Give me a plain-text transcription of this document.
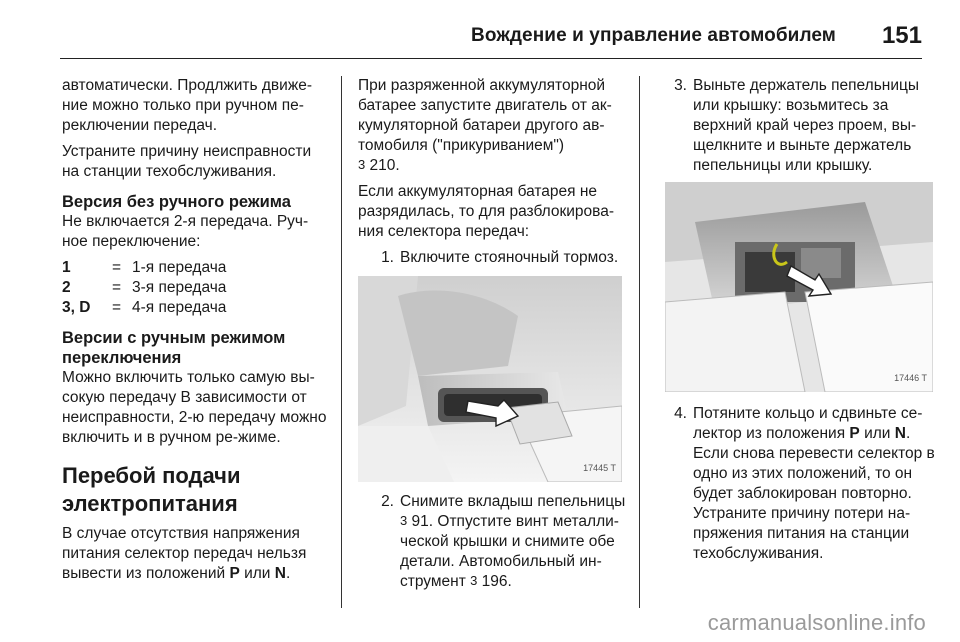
Вождение и управление автомобилем 151

автоматически. Продлжить движе-ние можно только при ручном пе-реключении передач.

Устраните причину неисправности на станции техобслуживания.

Версия без ручного режима

Не включается 2-я передача. Руч-ное переключение:

1	= 1-я передача
2	= 3-я передача
3, D	= 4-я передача
Версии с ручным режимом переключения

Можно включить только самую вы-сокую передачу В зависимости от неисправности, 2-ю передачу можно включить и в ручном ре-жиме.

Перебой подачи электропитания

В случае отсутствия напряжения питания селектор передач нельзя вывести из положений P или N.

При разряженной аккумуляторной батарее запустите двигатель от ак-кумуляторной батареи другого ав-томобиля ("прикуриванием")
3 210.

Если аккумуляторная батарея не разрядилась, то для разблокирова-ния селектора передач:

1. Включите стояночный тормоз.
17445 T
2. Снимите вкладыш пепельницы
3 91. Отпустите винт металли-ческой крышки и снимите обе детали. Автомобильный ин-струмент 3 196.
3. Выньте держатель пепельницы или крышку: возьмитесь за верхний край через проем, вы-щелкните и выньте держатель пепельницы или крышку.
17446 T
4. Потяните кольцо и сдвиньте се-лектор из положения P или N. Если снова перевести селектор в одно из этих положений, то он будет заблокирован повторно. Устраните причину потери на-пряжения питания на станции техобслуживания.
carmanualsonline.info
